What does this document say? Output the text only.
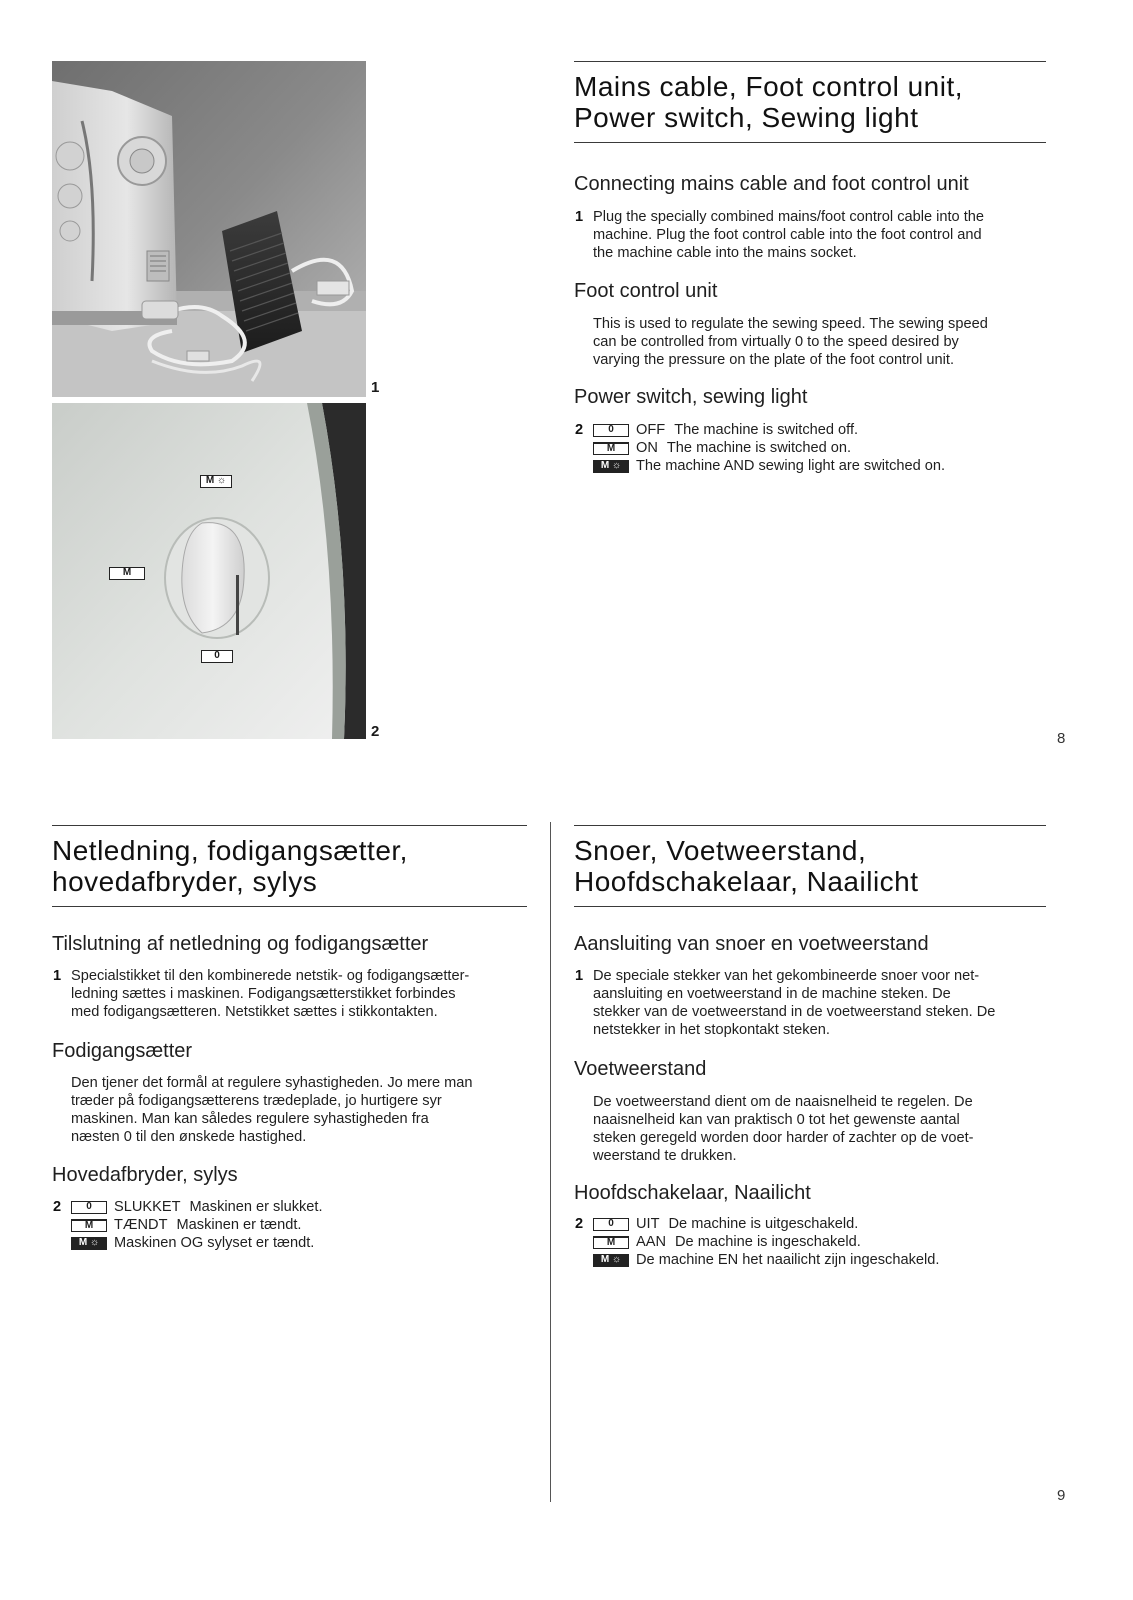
1
M ☼
M
0
2
Mains cable, Foot control unit,
Power switch, Sewing light
Connecting mains cable and foot control unit
1 Plug the specially combined mains/foot control cable into the
machine. Plug the foot control cable into the foot control and
the machine cable into the mains socket.
Foot control unit
This is used to regulate the sewing speed. The sewing speed
can be controlled from virtually 0 to the speed desired by
varying the pressure on the plate of the foot control unit.
Power switch, sewing light
2	0	OFF The machine is switched off.
M	ON The machine is switched on.
M ☼	The machine AND sewing light are switched on.
8
Netledning, fodigangsætter,
hovedafbryder, sylys
Tilslutning af netledning og fodigangsætter
1 Specialstikket til den kombinerede netstik- og fodigangsætter-
ledning sættes i maskinen. Fodigangsætterstikket forbindes
med fodigangsætteren. Netstikket sættes i stikkontakten.
Fodigangsætter
Den tjener det formål at regulere syhastigheden. Jo mere man
træder på fodigangsætterens trædeplade, jo hurtigere syr
maskinen. Man kan således regulere syhastigheden fra
næsten 0 til den ønskede hastighed.
Hovedafbryder, sylys
2	0	SLUKKET Maskinen er slukket.
M	TÆNDT Maskinen er tændt.
M ☼	Maskinen OG sylyset er tændt.
Snoer, Voetweerstand,
Hoofdschakelaar, Naailicht
Aansluiting van snoer en voetweerstand
1 De speciale stekker van het gekombineerde snoer voor net-
aansluiting en voetweerstand in de machine steken. De
stekker van de voetweerstand in de voetweerstand steken. De
netstekker in het stopkontakt steken.
Voetweerstand
De voetweerstand dient om de naaisnelheid te regelen. De
naaisnelheid kan van praktisch 0 tot het gewenste aantal
steken geregeld worden door harder of zachter op de voet-
weerstand te drukken.
Hoofdschakelaar, Naailicht
2	0	UIT De machine is uitgeschakeld.
M	AAN De machine is ingeschakeld.
M ☼	De machine EN het naailicht zijn ingeschakeld.
9
